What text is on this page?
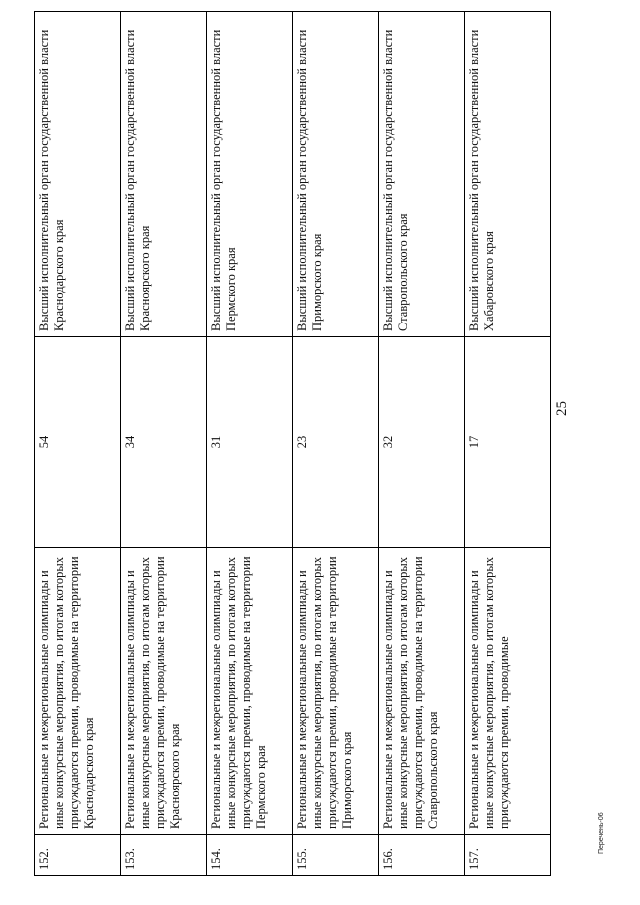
152.	Региональные и межрегиональные олимпиады и иные конкурсные мероприятия, по итогам которых присуждаются премии, проводимые на территории Краснодарского края	54	Высший исполнительный орган государственной власти Краснодарского края
153.	Региональные и межрегиональные олимпиады и иные конкурсные мероприятия, по итогам которых присуждаются премии, проводимые на территории Красноярского края	34	Высший исполнительный орган государственной власти Красноярского края
154.	Региональные и межрегиональные олимпиады и иные конкурсные мероприятия, по итогам которых присуждаются премии, проводимые на территории Пермского края	31	Высший исполнительный орган государственной власти Пермского края
155.	Региональные и межрегиональные олимпиады и иные конкурсные мероприятия, по итогам которых присуждаются премии, проводимые на территории Приморского края	23	Высший исполнительный орган государственной власти Приморского края
156.	Региональные и межрегиональные олимпиады и иные конкурсные мероприятия, по итогам которых присуждаются премии, проводимые на территории Ставропольского края	32	Высший исполнительный орган государственной власти Ставропольского края
157.	Региональные и межрегиональные олимпиады и иные конкурсные мероприятия, по итогам которых присуждаются премии, проводимые	17	Высший исполнительный орган государственной власти Хабаровского края
25
Перечень-06
